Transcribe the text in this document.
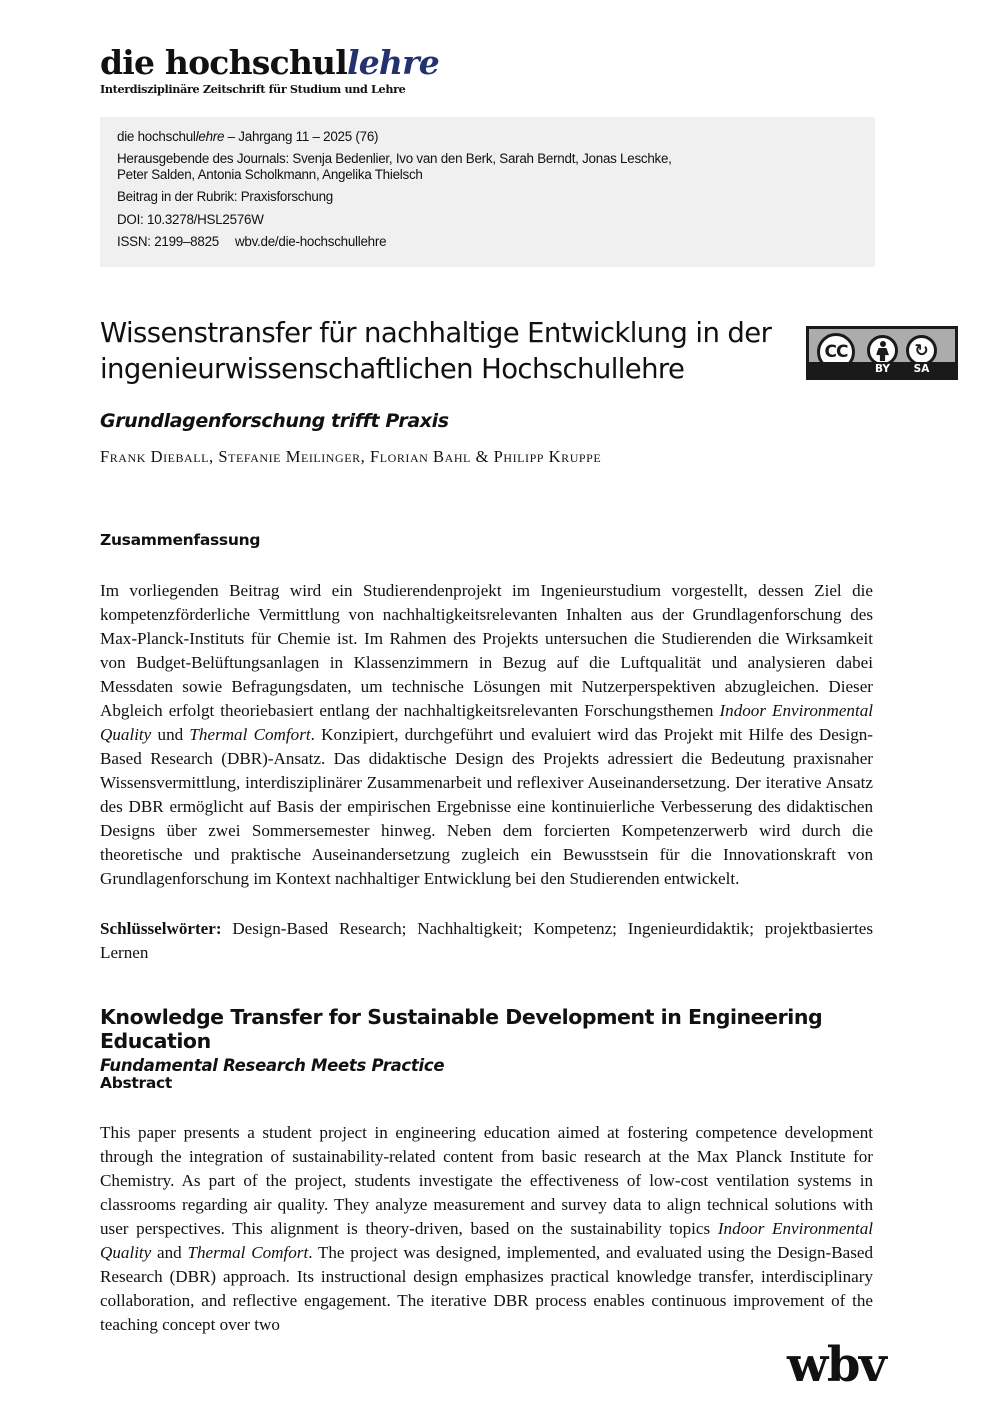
die hochschullehre
Interdisziplinäre Zeitschrift für Studium und Lehre
die hochschullehre – Jahrgang 11 – 2025 (76)
Herausgebende des Journals: Svenja Bedenlier, Ivo van den Berk, Sarah Berndt, Jonas Leschke,
Peter Salden, Antonia Scholkmann, Angelika Thielsch
Beitrag in der Rubrik: Praxisforschung
DOI: 10.3278/HSL2576W
ISSN: 2199–8825 wbv.de/die-hochschullehre
CC	↻
BY	SA
Wissenstransfer für nachhaltige Entwicklung in der ingenieurwissenschaftlichen Hochschullehre
Grundlagenforschung trifft Praxis
Frank Dieball, Stefanie Meilinger, Florian Bahl & Philipp Kruppe
Zusammenfassung

Im vorliegenden Beitrag wird ein Studierendenprojekt im Ingenieurstudium vorgestellt, dessen Ziel die kompetenzförderliche Vermittlung von nachhaltigkeitsrelevanten Inhalten aus der Grundlagenforschung des Max-Planck-Instituts für Chemie ist. Im Rahmen des Projekts untersuchen die Studierenden die Wirksamkeit von Budget-Belüftungsanlagen in Klassenzimmern in Bezug auf die Luftqualität und analysieren dabei Messdaten sowie Befragungsdaten, um technische Lösungen mit Nutzerperspektiven abzugleichen. Dieser Abgleich erfolgt theoriebasiert entlang der nachhaltigkeitsrelevanten Forschungsthemen Indoor Environmental Quality und Thermal Comfort. Konzipiert, durchgeführt und evaluiert wird das Projekt mit Hilfe des Design-Based Research (DBR)-Ansatz. Das didaktische Design des Projekts adressiert die Bedeutung praxisnaher Wissensvermittlung, interdisziplinärer Zusammenarbeit und reflexiver Auseinandersetzung. Der iterative Ansatz des DBR ermöglicht auf Basis der empirischen Ergebnisse eine kontinuierliche Verbesserung des didaktischen Designs über zwei Sommersemester hinweg. Neben dem forcierten Kompetenzerwerb wird durch die theoretische und praktische Auseinandersetzung zugleich ein Bewusstsein für die Innovationskraft von Grundlagenforschung im Kontext nachhaltiger Entwicklung bei den Studierenden entwickelt.

Schlüsselwörter: Design-Based Research; Nachhaltigkeit; Kompetenz; Ingenieurdidaktik; projektbasiertes Lernen

Knowledge Transfer for Sustainable Development in Engineering Education
Fundamental Research Meets Practice
Abstract

This paper presents a student project in engineering education aimed at fostering competence development through the integration of sustainability-related content from basic research at the Max Planck Institute for Chemistry. As part of the project, students investigate the effectiveness of low-cost ventilation systems in classrooms regarding air quality. They analyze measurement and survey data to align technical solutions with user perspectives. This alignment is theory-driven, based on the sustainability topics Indoor Environmental Quality and Thermal Comfort. The project was designed, implemented, and evaluated using the Design-Based Research (DBR) approach. Its instructional design emphasizes practical knowledge transfer, interdisciplinary collaboration, and reflective engagement. The iterative DBR process enables continuous improvement of the teaching concept over two

wbv
